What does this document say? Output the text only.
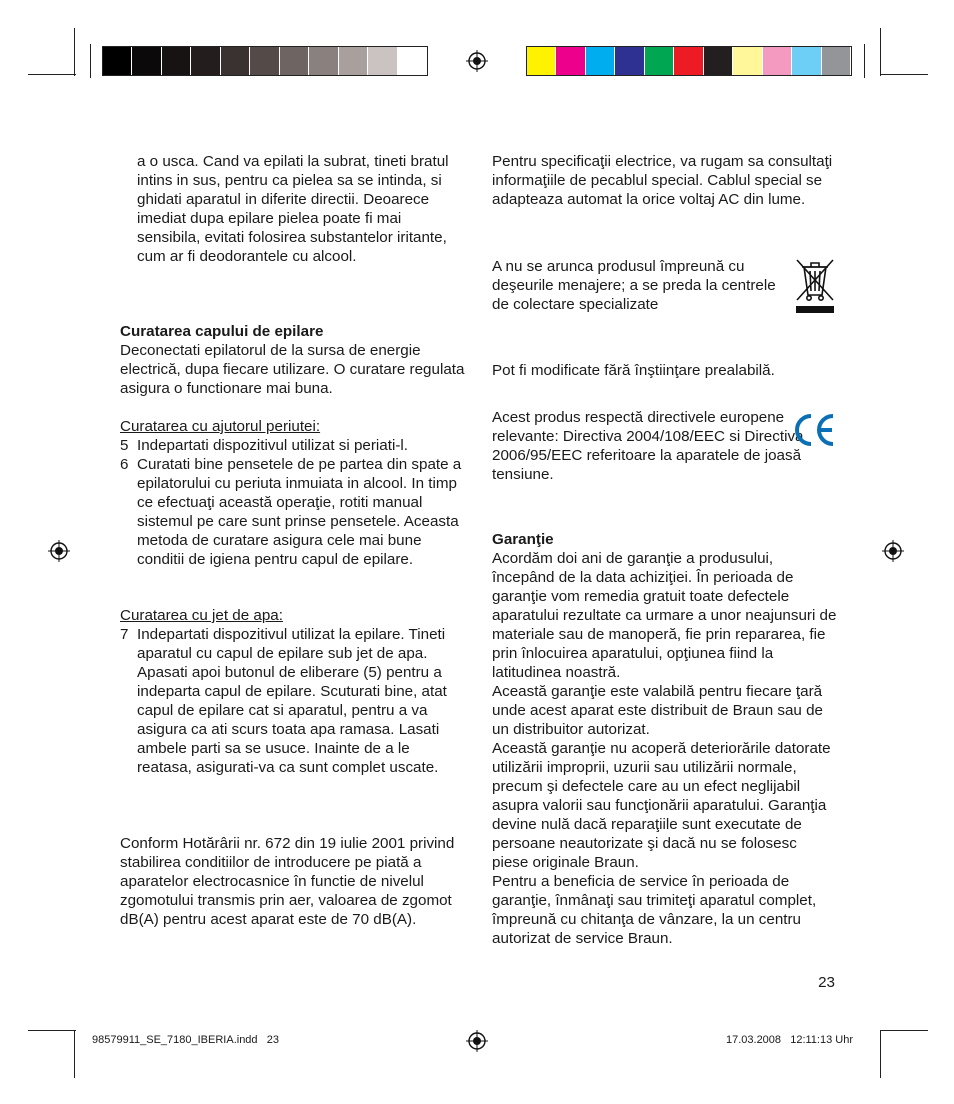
a o usca. Cand va epilati la subrat, tineti bratul intins in sus, pentru ca pielea sa se intinda, si ghidati aparatul in diferite directii. Deoarece imediat dupa epilare pielea poate fi mai sensibila, evitati folosirea substantelor iritante, cum ar fi deodorantele cu alcool.

Curatarea capului de epilare

Deconectati epilatorul de la sursa de energie electrică, dupa fiecare utilizare. O curatare regulata asigura o functionare mai buna.

Curatarea cu ajutorul periutei:

5 Indepartati dispozitivul utilizat si periati-l.

6 Curatati bine pensetele de pe partea din spate a epilatorului cu periuta inmuiata in alcool. In timp ce efectuaţi această operaţie, rotiti manual sistemul pe care sunt prinse pensetele. Aceasta metoda de curatare asigura cele mai bune conditii de igiena pentru capul de epilare.

Curatarea cu jet de apa:

7 Indepartati dispozitivul utilizat la epilare. Tineti aparatul cu capul de epilare sub jet de apa. Apasati apoi butonul de eliberare (5) pentru a indeparta capul de epilare. Scuturati bine, atat capul de epilare cat si aparatul, pentru a va asigura ca ati scurs toata apa ramasa. Lasati ambele parti sa se usuce. Inainte de a le reatasa, asigurati-va ca sunt complet uscate.

Conform Hotărârii nr. 672 din 19 iulie 2001 privind stabilirea conditiilor de introducere pe piată a aparatelor electrocasnice în functie de nivelul zgomotului transmis prin aer, valoarea de zgomot dB(A) pentru acest aparat este de 70 dB(A).

Pentru specificaţii electrice, va rugam sa consultaţi informaţiile de pecablul special. Cablul special se adapteaza automat la orice voltaj AC din lume.

A nu se arunca produsul împreună cu deşeurile menajere; a se preda la centrele de colectare specializate

Pot fi modificate fără înştiinţare prealabilă.

Acest produs respectă directivele europene relevante: Directiva 2004/108/EEC si Directiva 2006/95/EEC referitoare la aparatele de joasă tensiune.

Garanţie

Acordăm doi ani de garanţie a produsului, începând de la data achiziţiei. În perioada de garanţie vom remedia gratuit toate defectele aparatului rezultate ca urmare a unor neajunsuri de materiale sau de manoperă, fie prin repararea, fie prin înlocuirea aparatului, opţiunea fiind la latitudinea noastră.

Această garanţie este valabilă pentru fiecare ţară unde acest aparat este distribuit de Braun sau de un distribuitor autorizat.

Această garanţie nu acoperă deteriorările datorate utilizării improprii, uzurii sau utilizării normale, precum şi defectele care au un efect neglijabil asupra valorii sau funcţionării aparatului. Garanţia devine nulă dacă reparaţiile sunt executate de persoane neautorizate şi dacă nu se folosesc piese originale Braun.

Pentru a beneficia de service în perioada de garanţie, înmânaţi sau trimiteţi aparatul complet, împreună cu chitanţa de vânzare, la un centru autorizat de service Braun.

23

98579911_SE_7180_IBERIA.indd   23	17.03.2008   12:11:13 Uhr
